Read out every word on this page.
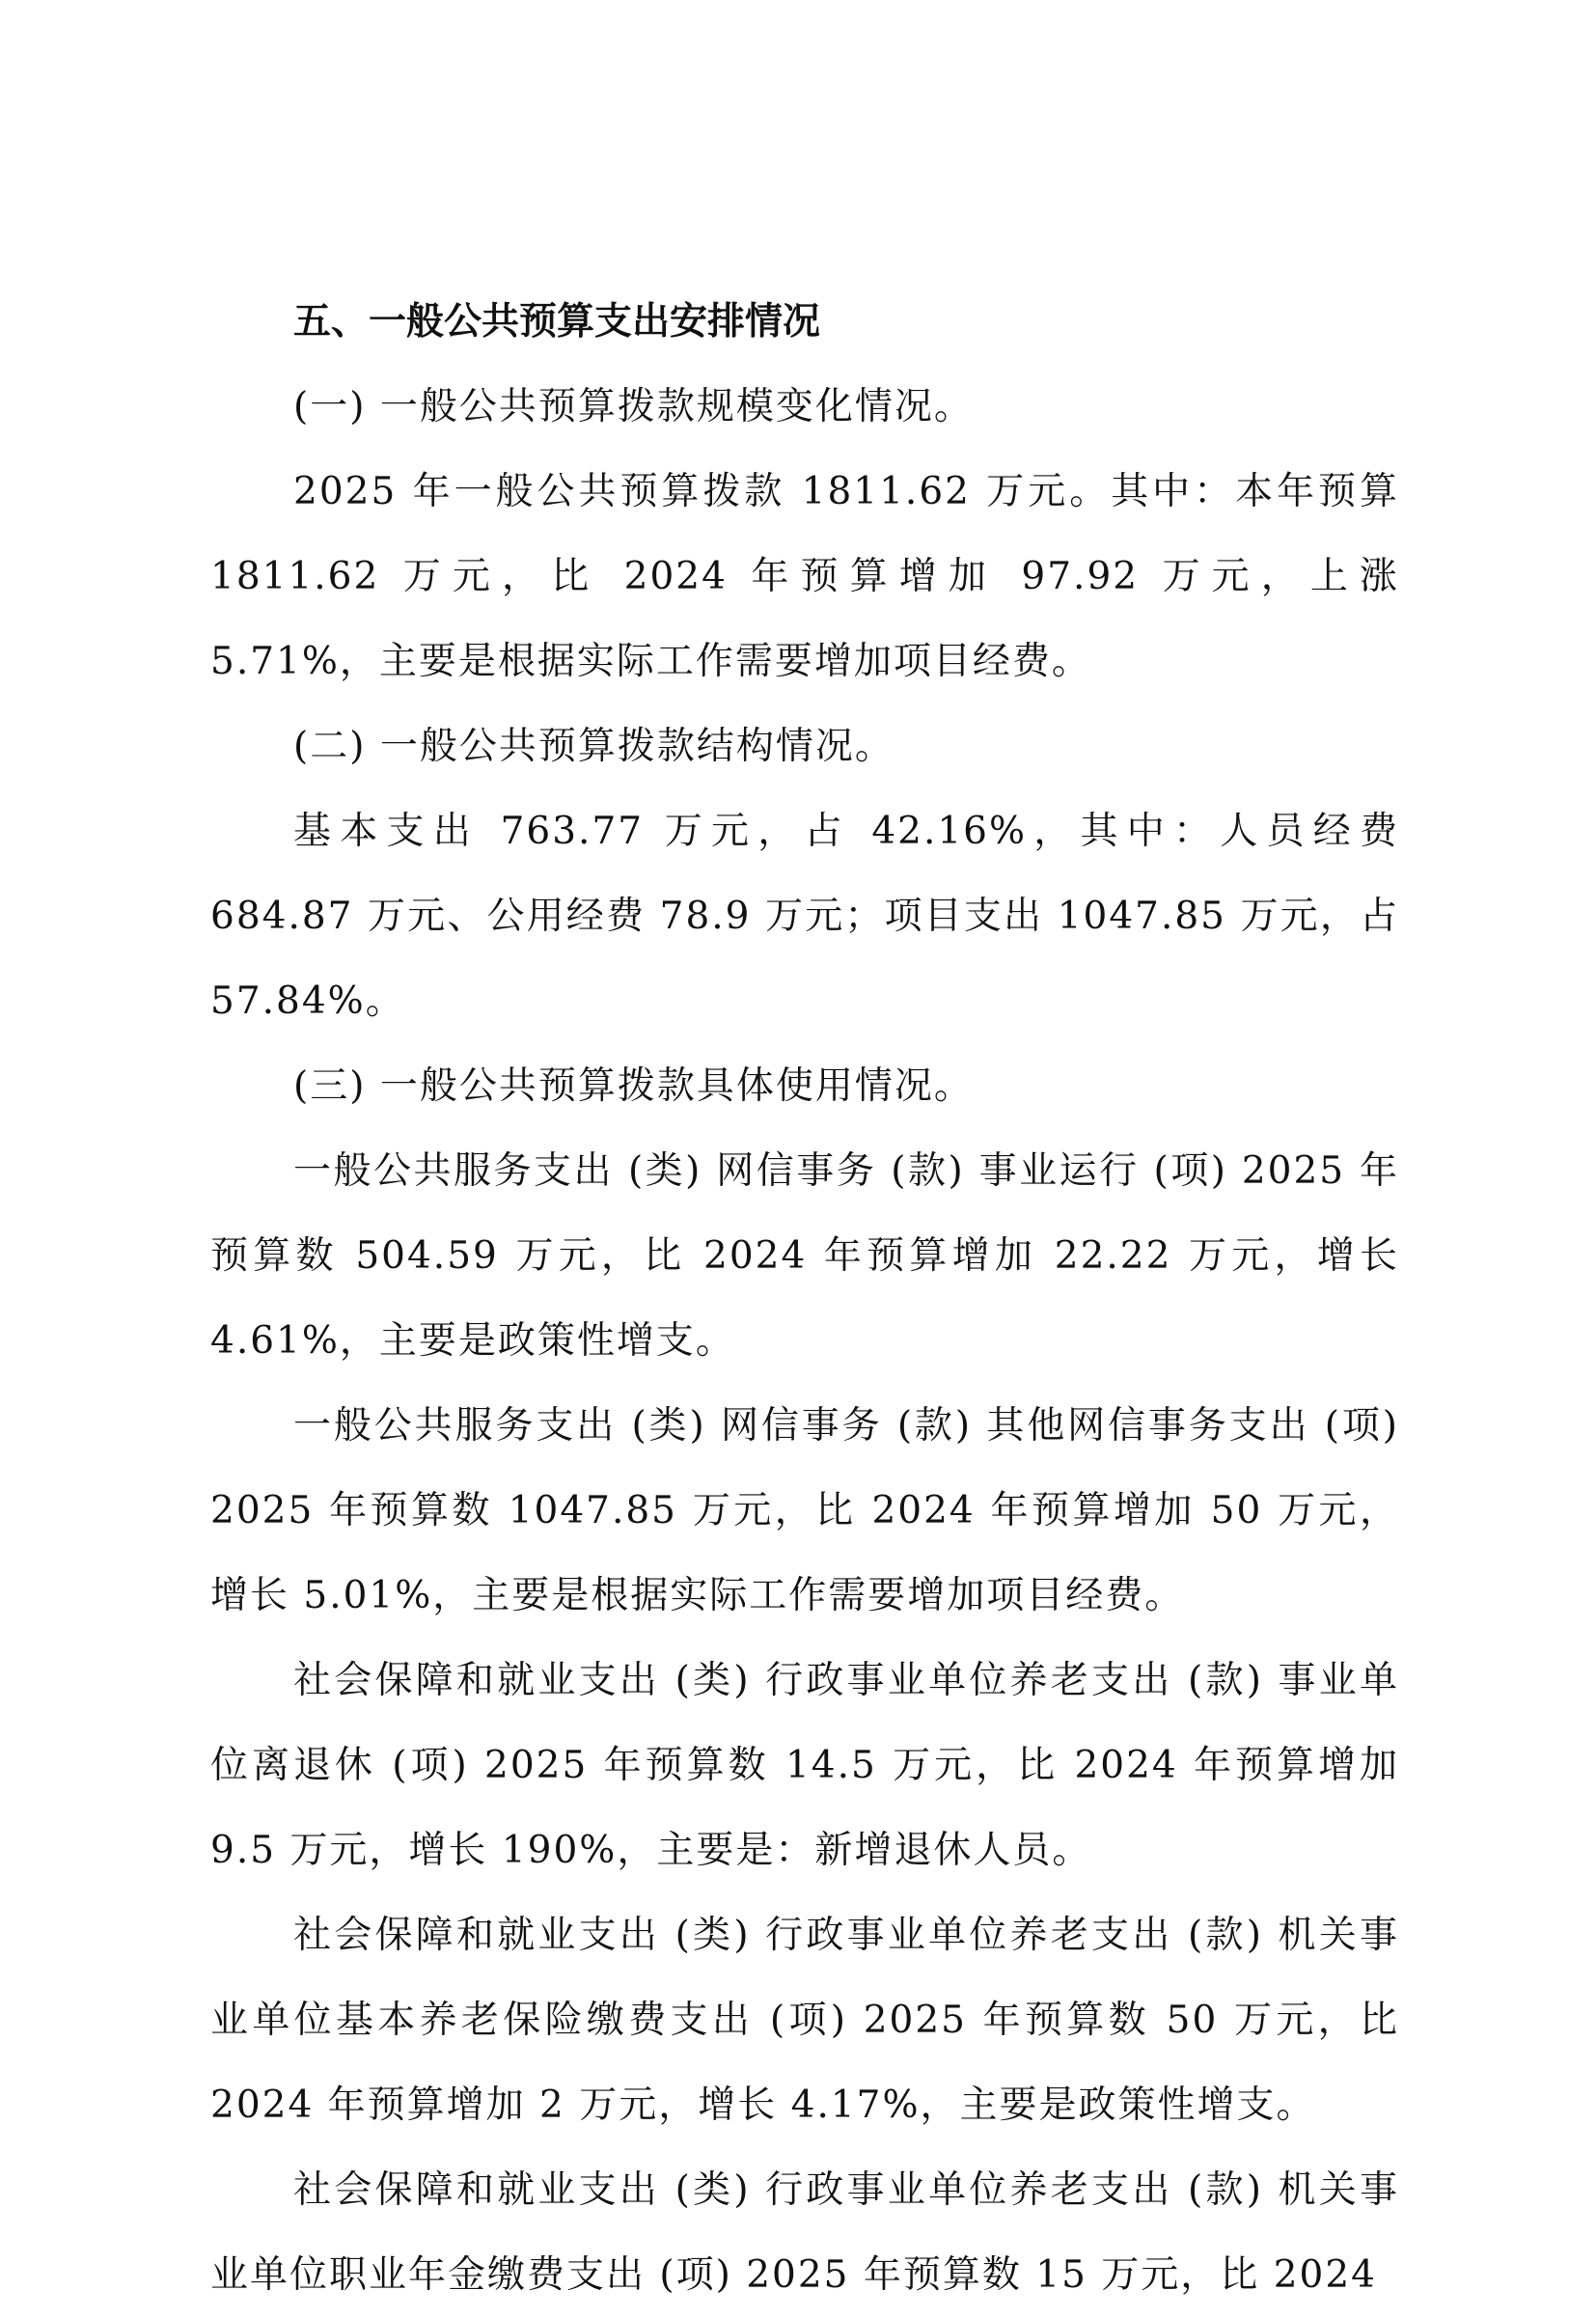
五、一般公共预算支出安排情况

(一) 一般公共预算拨款规模变化情况。

2025 年一般公共预算拨款 1811.62 万元。其中：本年预算 1811.62 万元，比 2024 年预算增加 97.92 万元，上涨 5.71%，主要是根据实际工作需要增加项目经费。

(二) 一般公共预算拨款结构情况。

基本支出 763.77 万元，占 42.16%，其中：人员经费 684.87 万元、公用经费 78.9 万元；项目支出 1047.85 万元，占 57.84%。

(三) 一般公共预算拨款具体使用情况。

一般公共服务支出 (类) 网信事务 (款) 事业运行 (项) 2025 年预算数 504.59 万元，比 2024 年预算增加 22.22 万元，增长 4.61%，主要是政策性增支。

一般公共服务支出 (类) 网信事务 (款) 其他网信事务支出 (项) 2025 年预算数 1047.85 万元，比 2024 年预算增加 50 万元，增长 5.01%，主要是根据实际工作需要增加项目经费。

社会保障和就业支出 (类) 行政事业单位养老支出 (款) 事业单位离退休 (项) 2025 年预算数 14.5 万元，比 2024 年预算增加 9.5 万元，增长 190%，主要是：新增退休人员。

社会保障和就业支出 (类) 行政事业单位养老支出 (款) 机关事业单位基本养老保险缴费支出 (项) 2025 年预算数 50 万元，比 2024 年预算增加 2 万元，增长 4.17%，主要是政策性增支。

社会保障和就业支出 (类) 行政事业单位养老支出 (款) 机关事业单位职业年金缴费支出 (项) 2025 年预算数 15 万元，比 2024
